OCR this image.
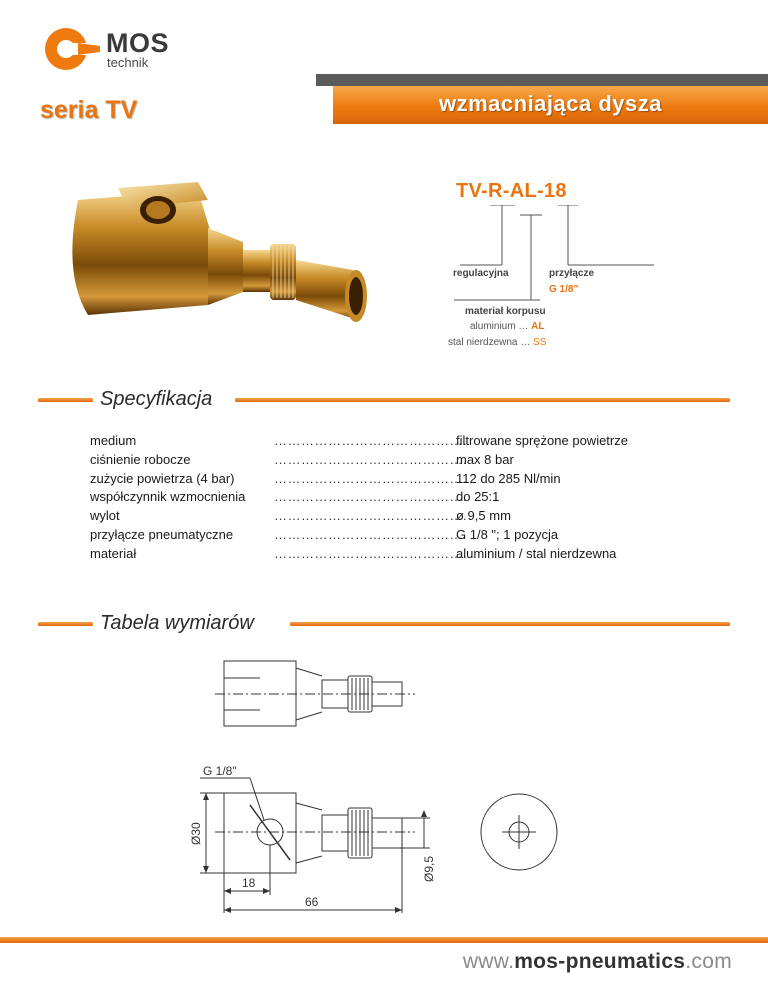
MOS
technik
wzmacniająca dysza
seria TV
TV-R-AL-18
regulacyjna	przyłącze
G 1/8"
materiał korpusu
aluminium … AL
stal nierdzewna … SS
Specyfikacja
medium	…………………………………….
filtrowane sprężone powietrze
ciśnienie robocze	…………………………………….
max 8 bar
zużycie powietrza (4 bar)	…………………………………….
112 do 285 Nl/min
współczynnik wzmocnienia …………………………………….
do 25:1
wylot	…………………………………….
ø 9,5 mm
przyłącze pneumatyczne	…………………………………….
G 1/8 "; 1 pozycja
materiał	…………………………………….
aluminium / stal nierdzewna
Tabela wymiarów
G 1/8"
Ø30
Ø9,5
18
66
www.mos-pneumatics.com
